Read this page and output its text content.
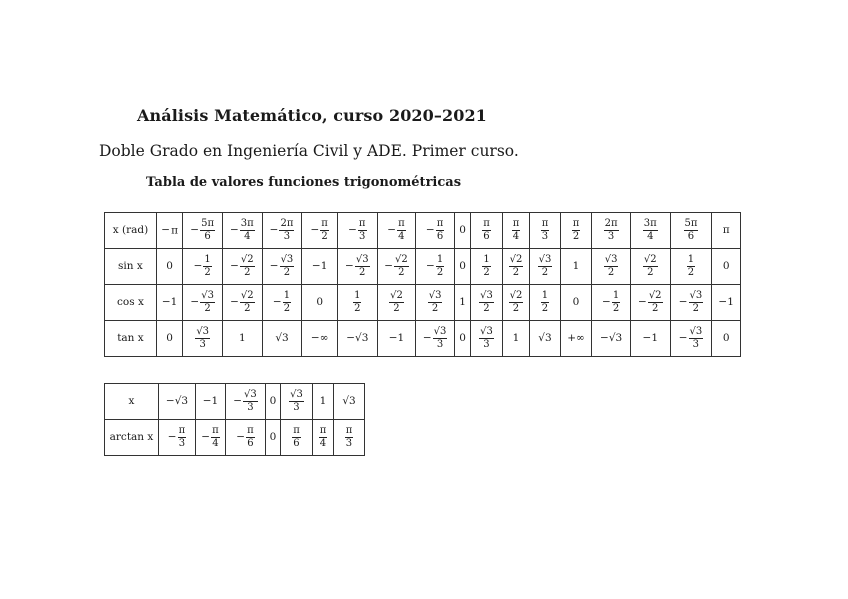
Análisis Matemático, curso 2020–2021
Doble Grado en Ingeniería Civil y ADE. Primer curso.
Tabla de valores funciones trigonométricas
x (rad)	−π	− $\frac{5\pi}{6}$	− $\frac{3\pi}{4}$	− $\frac{2\pi}{3}$	− $\frac{\pi}{2}$	− $\frac{\pi}{3}$	− $\frac{\pi}{4}$	− $\frac{\pi}{6}$	0	$\frac{\pi}{6}$	$\frac{\pi}{4}$	$\frac{\pi}{3}$	$\frac{\pi}{2}$	$\frac{2\pi}{3}$	$\frac{3\pi}{4}$	$\frac{5\pi}{6}$	π
sin x	0	− $\frac{1}{2}$	− $\frac{√2}{2}$	− $\frac{√3}{2}$	−1	− $\frac{√3}{2}$	− $\frac{√2}{2}$	− $\frac{1}{2}$	0	$\frac{1}{2}$	$\frac{√2}{2}$	$\frac{√3}{2}$	1	$\frac{√3}{2}$	$\frac{√2}{2}$	$\frac{1}{2}$	0
cos x	−1	− $\frac{√3}{2}$	− $\frac{√2}{2}$	− $\frac{1}{2}$	0	$\frac{1}{2}$	$\frac{√2}{2}$	$\frac{√3}{2}$	1	$\frac{√3}{2}$	$\frac{√2}{2}$	$\frac{1}{2}$	0	− $\frac{1}{2}$	− $\frac{√2}{2}$	− $\frac{√3}{2}$	−1
tan x	0	$\frac{√3}{3}$	1	√3	−∞	−√3	−1	− $\frac{√3}{3}$	0	$\frac{√3}{3}$	1	√3	+∞	−√3	−1	− $\frac{√3}{3}$	0
x	−√3	−1	− $\frac{√3}{3}$	0	$\frac{√3}{3}$	1	√3
arctan x	− $\frac{\pi}{3}$	− $\frac{\pi}{4}$	− $\frac{\pi}{6}$	0	$\frac{\pi}{6}$	$\frac{\pi}{4}$	$\frac{\pi}{3}$
